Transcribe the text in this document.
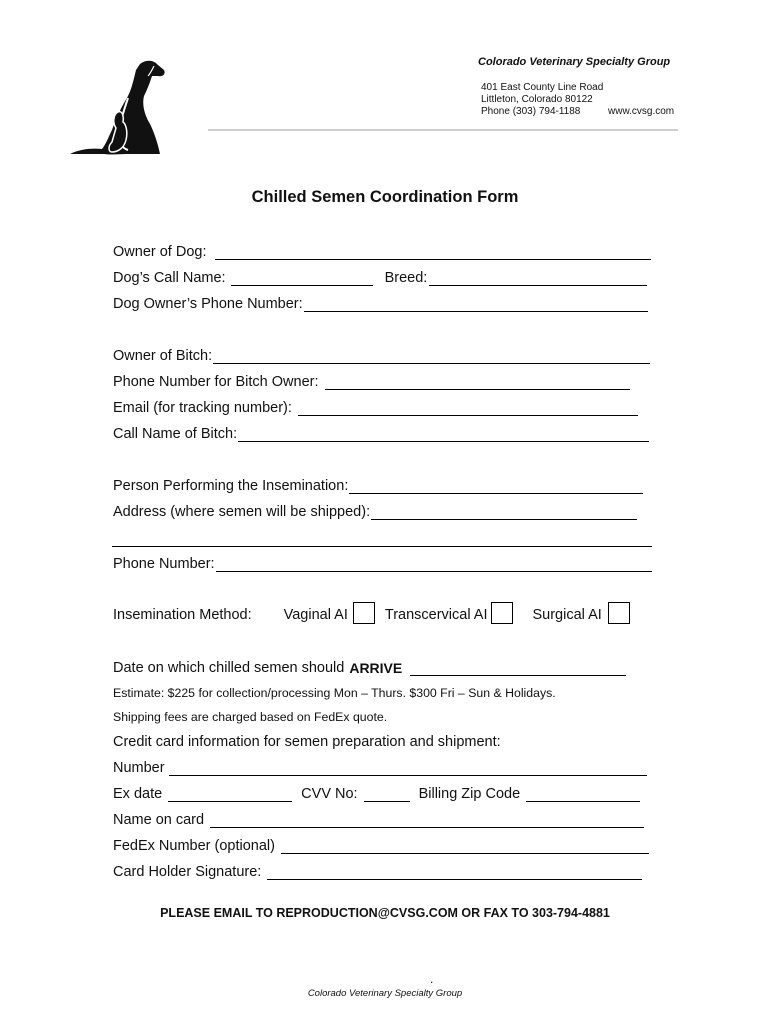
Colorado Veterinary Specialty Group
401 East County Line Road
Littleton, Colorado 80122
Phone (303) 794-1188	www.cvsg.com
Chilled Semen Coordination Form
Owner of Dog:
Dog’s Call Name:	Breed:
Dog Owner’s Phone Number:
Owner of Bitch:
Phone Number for Bitch Owner:
Email (for tracking number):
Call Name of Bitch:
Person Performing the Insemination:
Address (where semen will be shipped):
Phone Number:
Insemination Method: Vaginal AI	Transcervical AI	Surgical AI
Date on which chilled semen should ARRIVE
Estimate: $225 for collection/processing Mon – Thurs. $300 Fri – Sun & Holidays.
Shipping fees are charged based on FedEx quote.
Credit card information for semen preparation and shipment:
Number
Ex date	CVV No:	Billing Zip Code
Name on card
FedEx Number (optional)
Card Holder Signature:
PLEASE EMAIL TO REPRODUCTION@CVSG.COM OR FAX TO 303-794-4881
.
Colorado Veterinary Specialty Group
